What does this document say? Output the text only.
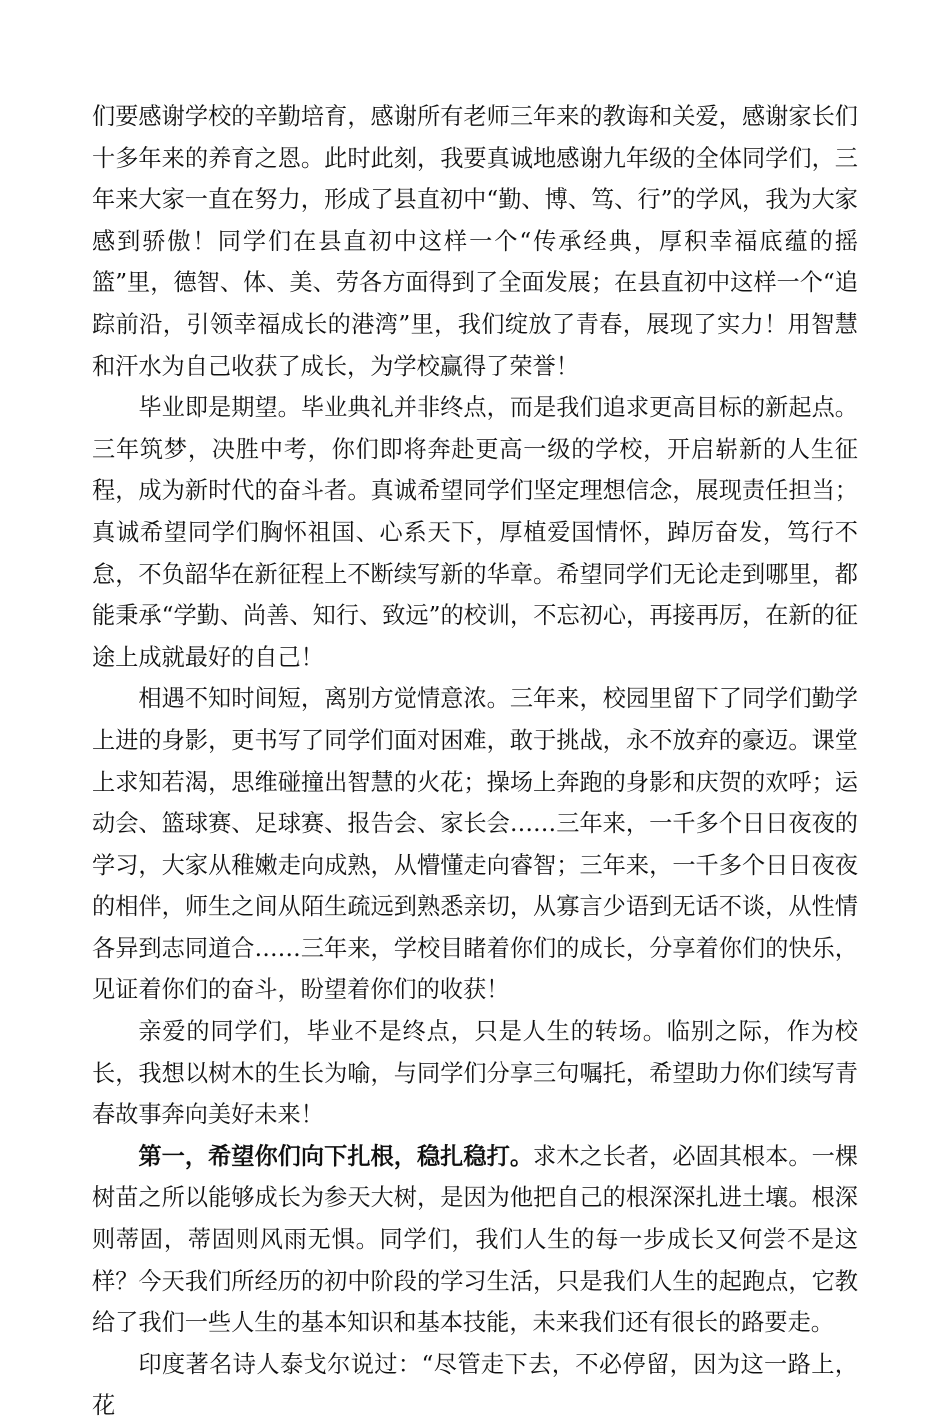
们要感谢学校的辛勤培育，感谢所有老师三年来的教诲和关爱，感谢家长们十多年来的养育之恩。此时此刻，我要真诚地感谢九年级的全体同学们，三年来大家一直在努力，形成了县直初中“勤、博、笃、行”的学风，我为大家感到骄傲！同学们在县直初中这样一个“传承经典，厚积幸福底蕴的摇篮”里，德智、体、美、劳各方面得到了全面发展；在县直初中这样一个“追踪前沿，引领幸福成长的港湾”里，我们绽放了青春，展现了实力！用智慧和汗水为自己收获了成长，为学校赢得了荣誉！

毕业即是期望。毕业典礼并非终点，而是我们追求更高目标的新起点。三年筑梦，决胜中考，你们即将奔赴更高一级的学校，开启崭新的人生征程，成为新时代的奋斗者。真诚希望同学们坚定理想信念，展现责任担当；真诚希望同学们胸怀祖国、心系天下，厚植爱国情怀，踔厉奋发，笃行不怠，不负韶华在新征程上不断续写新的华章。希望同学们无论走到哪里，都能秉承“学勤、尚善、知行、致远”的校训，不忘初心，再接再厉，在新的征途上成就最好的自己！

相遇不知时间短，离别方觉情意浓。三年来，校园里留下了同学们勤学上进的身影，更书写了同学们面对困难，敢于挑战，永不放弃的豪迈。课堂上求知若渴，思维碰撞出智慧的火花；操场上奔跑的身影和庆贺的欢呼；运动会、篮球赛、足球赛、报告会、家长会……三年来，一千多个日日夜夜的学习，大家从稚嫩走向成熟，从懵懂走向睿智；三年来，一千多个日日夜夜的相伴，师生之间从陌生疏远到熟悉亲切，从寡言少语到无话不谈，从性情各异到志同道合……三年来，学校目睹着你们的成长，分享着你们的快乐，见证着你们的奋斗，盼望着你们的收获！

亲爱的同学们，毕业不是终点，只是人生的转场。临别之际，作为校长，我想以树木的生长为喻，与同学们分享三句嘱托，希望助力你们续写青春故事奔向美好未来！

第一，希望你们向下扎根，稳扎稳打。求木之长者，必固其根本。一棵树苗之所以能够成长为参天大树，是因为他把自己的根深深扎进土壤。根深则蒂固，蒂固则风雨无惧。同学们，我们人生的每一步成长又何尝不是这样？今天我们所经历的初中阶段的学习生活，只是我们人生的起跑点，它教给了我们一些人生的基本知识和基本技能，未来我们还有很长的路要走。

印度著名诗人泰戈尔说过：“尽管走下去，不必停留，因为这一路上，花
